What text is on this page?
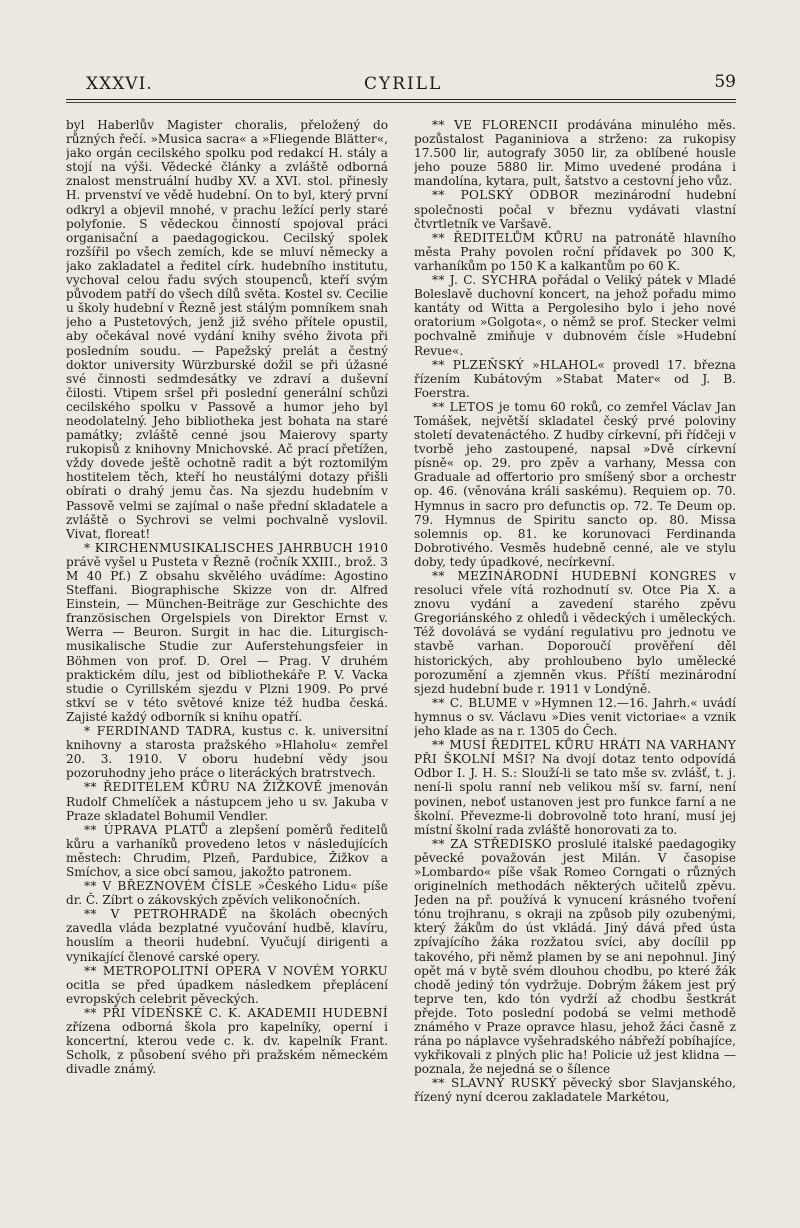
XXXVI.	CYRILL	59

byl Haberlův Magister choralis, přeložený do různých řečí. »Musica sacra« a »Fliegende Blätter«, jako orgán cecilského spolku pod redakcí H. stály a stojí na výši. Vědecké články a zvláště odborná znalost menstruální hudby XV. a XVI. stol. přinesly H. prvenství ve vědě hudební. On to byl, který první odkryl a objevil mnohé, v prachu ležící perly staré polyfonie. S vědeckou činností spojoval práci organisační a paedagogickou. Cecilský spolek rozšířil po všech zemích, kde se mluví německy a jako zakladatel a ředitel círk. hudebního institutu, vychoval celou řadu svých stoupenců, kteří svým původem patří do všech dílů světa. Kostel sv. Cecilie u školy hudební v Řezně jest stálým pomníkem snah jeho a Pustetových, jenž již svého přítele opustil, aby očekával nové vydání knihy svého života při posledním soudu. — Papežský prelát a čestný doktor university Würzburské dožil se při úžasné své činnosti sedmdesátky ve zdraví a duševní čilosti. Vtipem sršel při poslední generální schůzi cecilského spolku v Passově a humor jeho byl neodolatelný. Jeho bibliotheka jest bohata na staré památky; zvláště cenné jsou Maierovy sparty rukopisů z knihovny Mnichovské. Ač prací přetížen, vždy dovede ještě ochotně radit a být roztomilým hostitelem těch, kteří ho neustálými dotazy přišli obírati o drahý jemu čas. Na sjezdu hudebním v Passově velmi se zajímal o naše přední skladatele a zvláště o Sychrovi se velmi pochvalně vyslovil. Vivat, floreat!

* KIRCHENMUSIKALISCHES JAHRBUCH 1910 právě vyšel u Pusteta v Řezně (ročník XXIII., brož. 3 M 40 Pf.) Z obsahu skvělého uvádíme: Agostino Steffani. Biographische Skizze von dr. Alfred Einstein, — München-Beiträge zur Geschichte des französischen Orgelspiels von Direktor Ernst v. Werra — Beuron. Surgit in hac die. Liturgisch-musikalische Studie zur Auferstehungsfeier in Böhmen von prof. D. Orel — Prag. V druhém praktickém dílu, jest od bibliothekáře P. V. Vacka studie o Cyrillském sjezdu v Plzni 1909. Po prvé stkví se v této světové knize též hudba česká. Zajisté každý odborník si knihu opatří.

* FERDINAND TADRA, kustus c. k. universitní knihovny a starosta pražského »Hlaholu« zemřel 20. 3. 1910. V oboru hudební vědy jsou pozoruhodny jeho práce o literáckých bratrstvech.

** ŘEDITELEM KŮRU NA ŽIŽKOVĚ jmenován Rudolf Chmelíček a nástupcem jeho u sv. Jakuba v Praze skladatel Bohumil Vendler.

** ÚPRAVA PLATŮ a zlepšení poměrů ředitelů kůru a varhaníků provedeno letos v následujících městech: Chrudim, Plzeň, Pardubice, Žižkov a Smíchov, a sice obcí samou, jakožto patronem.

** V BŘEZNOVÉM ČÍSLE »Českého Lidu« píše dr. Č. Zíbrt o zákovských zpěvích velikonočních.

** V PETROHRADĚ na školách obecných zavedla vláda bezplatné vyučování hudbě, klavíru, houslím a theorii hudební. Vyučují dirigenti a vynikající členové carské opery.

** METROPOLITNÍ OPERA V NOVÉM YORKU ocitla se před úpadkem následkem přeplácení evropských celebrit pěveckých.

** PŘI VÍDEŇSKÉ C. K. AKADEMII HUDEBNÍ zřízena odborná škola pro kapelníky, operní i koncertní, kterou vede c. k. dv. kapelník Frant. Scholk, z působení svého při pražském německém divadle známý.

** VE FLORENCII prodávána minulého měs. pozůstalost Paganiniova a strženo: za rukopisy 17.500 lir, autografy 3050 lir, za oblíbené housle jeho pouze 5880 lir. Mimo uvedené prodána i mandolína, kytara, pult, šatstvo a cestovní jeho vůz.

** POLSKÝ ODBOR mezinárodní hudební společnosti počal v březnu vydávati vlastní čtvrtletník ve Varšavě.

** ŘEDITELŮM KŮRU na patronátě hlavního města Prahy povolen roční přídavek po 300 K, varhaníkům po 150 K a kalkantům po 60 K.

** J. C. SYCHRA pořádal o Veliký pátek v Mladé Boleslavě duchovní koncert, na jehož pořadu mimo kantáty od Witta a Pergolesiho bylo i jeho nové oratorium »Golgota«, o němž se prof. Stecker velmi pochvalně zmiňuje v dubnovém čísle »Hudební Revue«.

** PLZEŇSKÝ »HLAHOL« provedl 17. března řízením Kubátovým »Stabat Mater« od J. B. Foerstra.

** LETOS je tomu 60 roků, co zemřel Václav Jan Tomášek, největší skladatel český prvé poloviny století devatenáctého. Z hudby církevní, při řídčeji v tvorbě jeho zastoupené, napsal »Dvě církevní písně« op. 29. pro zpěv a varhany, Messa con Graduale ad offertorio pro smíšený sbor a orchestr op. 46. (věnována králi saskému). Requiem op. 70. Hymnus in sacro pro defunctis op. 72. Te Deum op. 79. Hymnus de Spiritu sancto op. 80. Missa solemnis op. 81. ke korunovaci Ferdinanda Dobrotivého. Vesměs hudebně cenné, ale ve stylu doby, tedy úpadkové, necírkevní.

** MEZINÁRODNÍ HUDEBNÍ KONGRES v resoluci vřele vítá rozhodnutí sv. Otce Pia X. a znovu vydání a zavedení starého zpěvu Gregoriánského z ohledů i vědeckých i uměleckých. Též dovolává se vydání regulativu pro jednotu ve stavbě varhan. Doporoučí prověření děl historických, aby prohloubeno bylo umělecké porozumění a zjemněn vkus. Příští mezinárodní sjezd hudební bude r. 1911 v Londýně.

** C. BLUME v »Hymnen 12.—16. Jahrh.« uvádí hymnus o sv. Václavu »Dies venit victoriae« a vznik jeho klade as na r. 1305 do Čech.

** MUSÍ ŘEDITEL KŮRU HRÁTI NA VARHANY PŘI ŠKOLNÍ MŠI? Na dvojí dotaz tento odpovídá Odbor I. J. H. S.: Slouží-li se tato mše sv. zvlášť, t. j. není-li spolu ranní neb velikou mší sv. farní, není povinen, neboť ustanoven jest pro funkce farní a ne školní. Převezme-li dobrovolně toto hraní, musí jej místní školní rada zvláště honorovati za to.

** ZA STŘEDISKO proslulé italské paedagogiky pěvecké považován jest Milán. V časopise »Lombardo« píše však Romeo Corngati o různých originelních methodách některých učitelů zpěvu. Jeden na př. používá k vynucení krásného tvoření tónu trojhranu, s okraji na způsob pily ozubenými, který žákům do úst vkládá. Jiný dává před ústa zpívajícího žáka rozžatou svíci, aby docílil pp takového, při němž plamen by se ani nepohnul. Jiný opět má v bytě svém dlouhou chodbu, po které žák chodě jediný tón vydržuje. Dobrým žákem jest prý teprve ten, kdo tón vydrží až chodbu šestkrát přejde. Toto poslední podobá se velmi methodě známého v Praze opravce hlasu, jehož žáci časně z rána po náplavce vyšehradského nábřeží pobíhajíce, vykřikovali z plných plic ha! Policie už jest klidna — poznala, že nejedná se o šílence

** SLAVNÝ RUSKÝ pěvecký sbor Slavjanského, řízený nyní dcerou zakladatele Markétou,
